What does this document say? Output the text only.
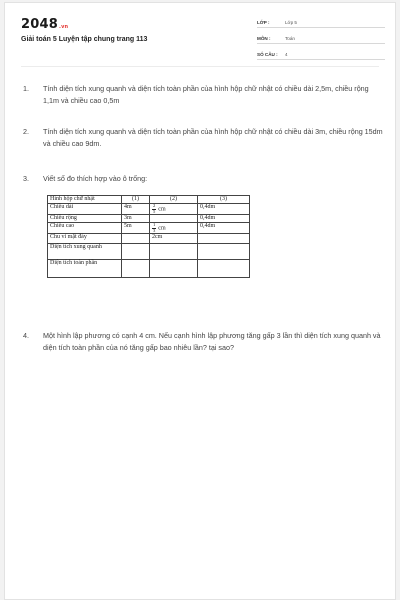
2048.vn
Giải toán 5 Luyện tập chung trang 113
LỚP :	Lớp 5
MÔN :	Toán
SỐ CÂU :	4
1. Tính diện tích xung quanh và diện tích toàn phần của hình hộp chữ nhật có chiều dài 2,5m, chiều rộng 1,1m và chiều cao 0,5m
2. Tính diện tích xung quanh và diện tích toàn phần của hình hộp chữ nhật có chiều dài 3m, chiều rộng 15dm và chiều cao 9dm.
3. Viết số đo thích hợp vào ô trống:
Hình hộp chữ nhật	(1)	(2)	(3)
Chiều dài	4m	$\frac{2}{5}$ cm	0,4dm
Chiều rộng	3m		0,4dm
Chiều cao	5m	$\frac{1}{3}$ cm	0,4dm
Chu vi mặt đáy		2cm	
Diện tích xung quanh			
Diện tích toàn phần			
4. Một hình lập phương có cạnh 4 cm. Nếu cạnh hình lập phương tăng gấp 3 lần thì diện tích xung quanh và diện tích toàn phần của nó tăng gấp bao nhiêu lần? tại sao?
